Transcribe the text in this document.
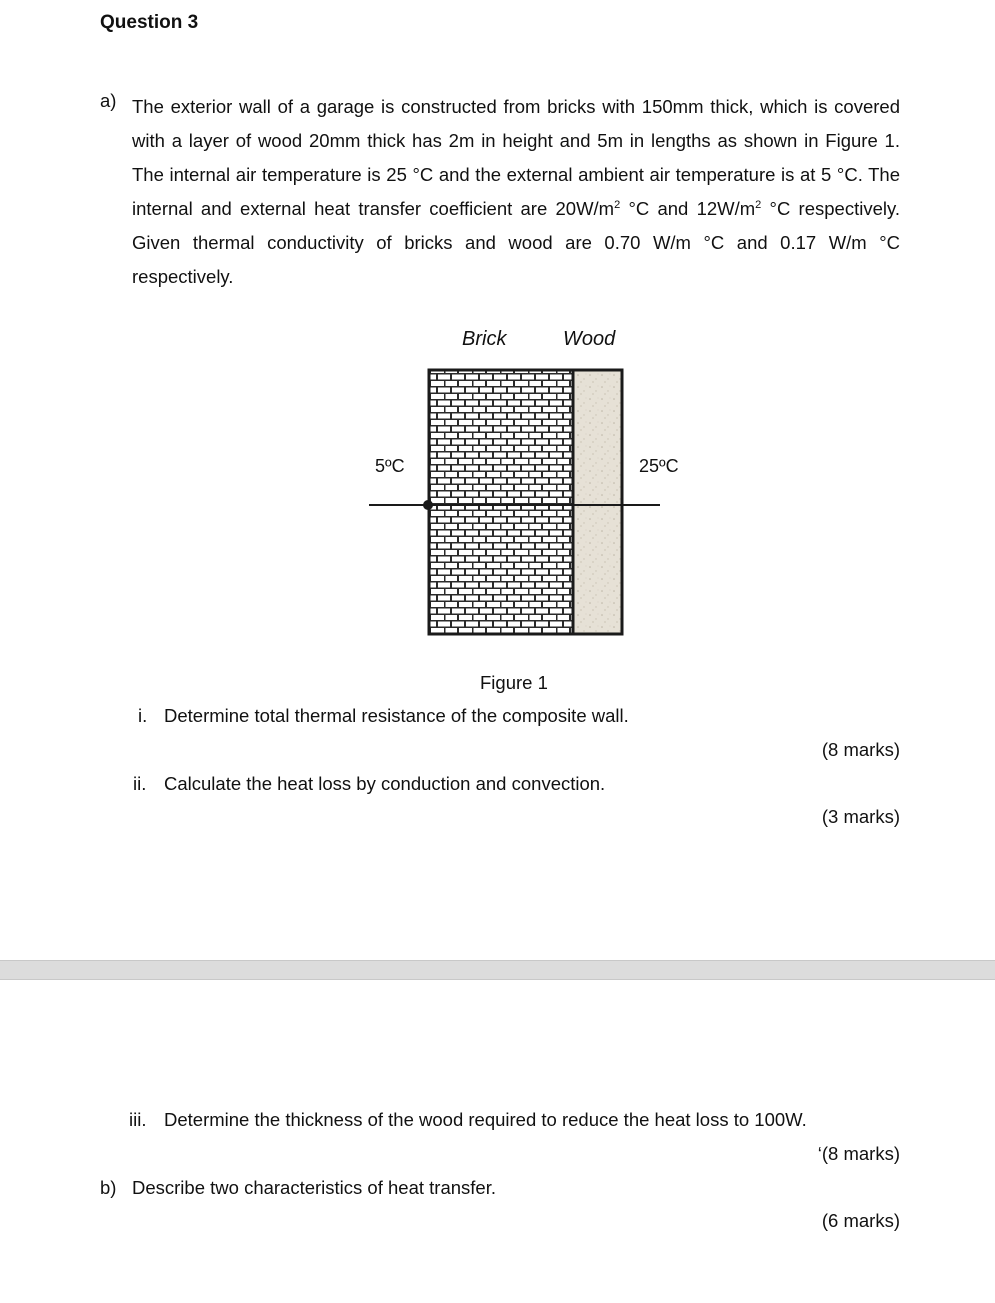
Question 3
a) The exterior wall of a garage is constructed from bricks with 150mm thick, which is covered with a layer of wood 20mm thick has 2m in height and 5m in lengths as shown in Figure 1. The internal air temperature is 25 °C and the external ambient air temperature is at 5 °C. The internal and external heat transfer coefficient are $20W/m^2$ °C and $12W/m^2$ °C respectively. Given thermal conductivity of bricks and wood are 0.70 W/m °C and 0.17 W/m °C respectively.

Brick	Wood
5ºC	25ºC
Figure 1
i. Determine total thermal resistance of the composite wall.
(8 marks)
ii. Calculate the heat loss by conduction and convection.
(3 marks)
iii. Determine the thickness of the wood required to reduce the heat loss to 100W.
‘(8 marks)
b) Describe two characteristics of heat transfer.
(6 marks)
